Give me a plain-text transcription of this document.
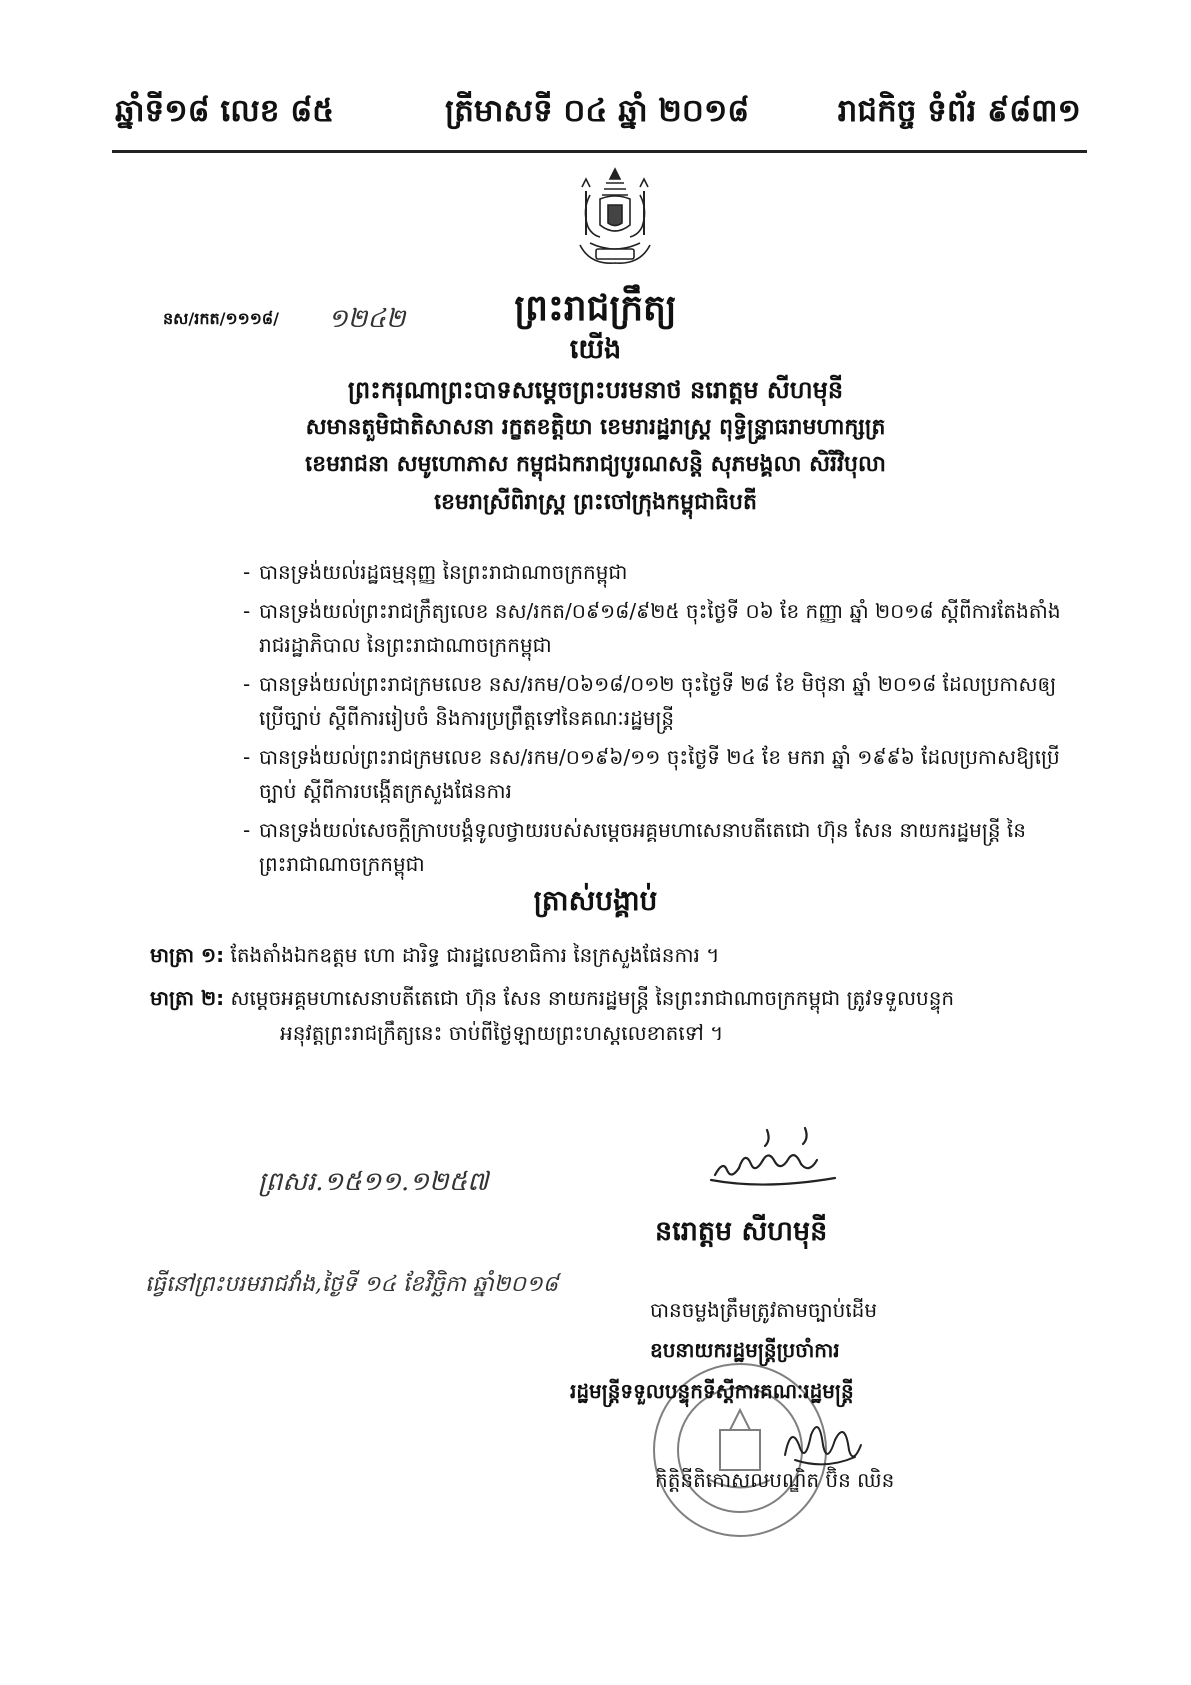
ឆ្នាំទី១៨ លេខ ៨៥	ត្រីមាសទី ០៤ ឆ្នាំ ២០១៨	រាជកិច្ច ទំព័រ ៩៨៣១
ព្រះរាជក្រឹត្យ
នស/រកត/១១១៨/ ១២៤២
យើង
ព្រះករុណាព្រះបាទសម្តេចព្រះបរមនាថ នរោត្តម សីហមុនី
សមានតួមិជាតិសាសនា រក្ខតខត្តិយា ខេមរារដ្ឋរាស្ត្រ ពុទ្ធិន្ទ្រាធរាមហាក្សត្រ
ខេមរាជនា សមូហោភាស កម្ពុជឯករាជ្យបូរណសន្តិ សុភមង្គលា សិរីវិបុលា
ខេមរាស្រីពិរាស្ត្រ ព្រះចៅក្រុងកម្ពុជាធិបតី
- បានទ្រង់យល់រដ្ឋធម្មនុញ្ញ នៃព្រះរាជាណាចក្រកម្ពុជា
- បានទ្រង់យល់ព្រះរាជក្រឹត្យលេខ នស/រកត/០៩១៨/៩២៥ ចុះថ្ងៃទី ០៦ ខែ កញ្ញា ឆ្នាំ ២០១៨ ស្តីពីការតែងតាំងរាជរដ្ឋាភិបាល នៃព្រះរាជាណាចក្រកម្ពុជា
- បានទ្រង់យល់ព្រះរាជក្រមលេខ នស/រកម/០៦១៨/០១២ ចុះថ្ងៃទី ២៨ ខែ មិថុនា ឆ្នាំ ២០១៨ ដែលប្រកាសឲ្យប្រើច្បាប់ ស្តីពីការរៀបចំ និងការប្រព្រឹត្តទៅនៃគណៈរដ្ឋមន្ត្រី
- បានទ្រង់យល់ព្រះរាជក្រមលេខ នស/រកម/០១៩៦/១១ ចុះថ្ងៃទី ២៤ ខែ មករា ឆ្នាំ ១៩៩៦ ដែលប្រកាសឱ្យប្រើច្បាប់ ស្តីពីការបង្កើតក្រសួងផែនការ
- បានទ្រង់យល់សេចក្តីក្រាបបង្គំទូលថ្វាយរបស់សម្តេចអគ្គមហាសេនាបតីតេជោ ហ៊ុន សែន នាយករដ្ឋមន្ត្រី នៃព្រះរាជាណាចក្រកម្ពុជា
ត្រាស់បង្គាប់
មាត្រា ១: តែងតាំងឯកឧត្តម ហោ ដារិទ្ធ ជារដ្ឋលេខាធិការ នៃក្រសួងផែនការ ។
មាត្រា ២: សម្តេចអគ្គមហាសេនាបតីតេជោ ហ៊ុន សែន នាយករដ្ឋមន្ត្រី នៃព្រះរាជាណាចក្រកម្ពុជា ត្រូវទទួលបន្ទុក
អនុវត្តព្រះរាជក្រឹត្យនេះ ចាប់ពីថ្ងៃឡាយព្រះហស្តលេខាតទៅ ។
ព្រសរ.១៥១១.១២៥៧
នរោត្តម សីហមុនី
ធ្វើនៅព្រះបរមរាជវាំង,ថ្ងៃទី ១៤ ខែវិច្ឆិកា ឆ្នាំ២០១៨
បានចម្លងត្រឹមត្រូវតាមច្បាប់ដើម
ឧបនាយករដ្ឋមន្ត្រីប្រចាំការ
រដ្ឋមន្ត្រីទទួលបន្ទុកទីស្តីការគណៈរដ្ឋមន្ត្រី
កិត្តិនីតិកោសលបណ្ឌិត ប៊ិន ឈិន
